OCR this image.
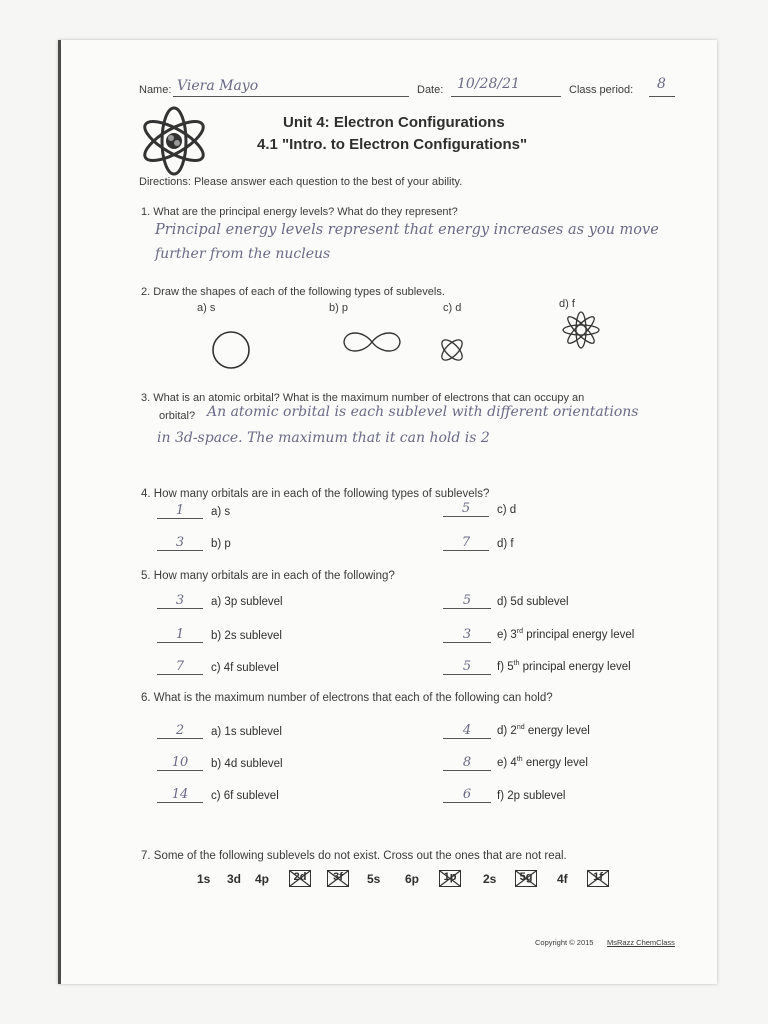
Name: Viera Mayo	Date: 10/28/21	Class period: 8
Unit 4: Electron Configurations
4.1 "Intro. to Electron Configurations"
Directions: Please answer each question to the best of your ability.
1. What are the principal energy levels? What do they represent?
Principal energy levels represent that energy increases as you move
further from the nucleus
2. Draw the shapes of each of the following types of sublevels.
a) s	b) p	c) d	d) f
3. What is an atomic orbital? What is the maximum number of electrons that can occupy an
orbital? An atomic orbital is each sublevel with different orientations
in 3d-space. The maximum that it can hold is 2
4. How many orbitals are in each of the following types of sublevels?
1	a) s
3	b) p
5	c) d
7	d) f
5. How many orbitals are in each of the following?
3	a) 3p sublevel
1	b) 2s sublevel
7	c) 4f sublevel
5	d) 5d sublevel
3	e) 3rd principal energy level
5	f) 5th principal energy level
6. What is the maximum number of electrons that each of the following can hold?
2	a) 1s sublevel
10	b) 4d sublevel
14	c) 6f sublevel
4	d) 2nd energy level
8	e) 4th energy level
6	f) 2p sublevel
7. Some of the following sublevels do not exist. Cross out the ones that are not real.
1s 3d 4p	2d	3f	5s 6p	1p	2s	5g	4f	1f
Copyright © 2015 MsRazz ChemClass
